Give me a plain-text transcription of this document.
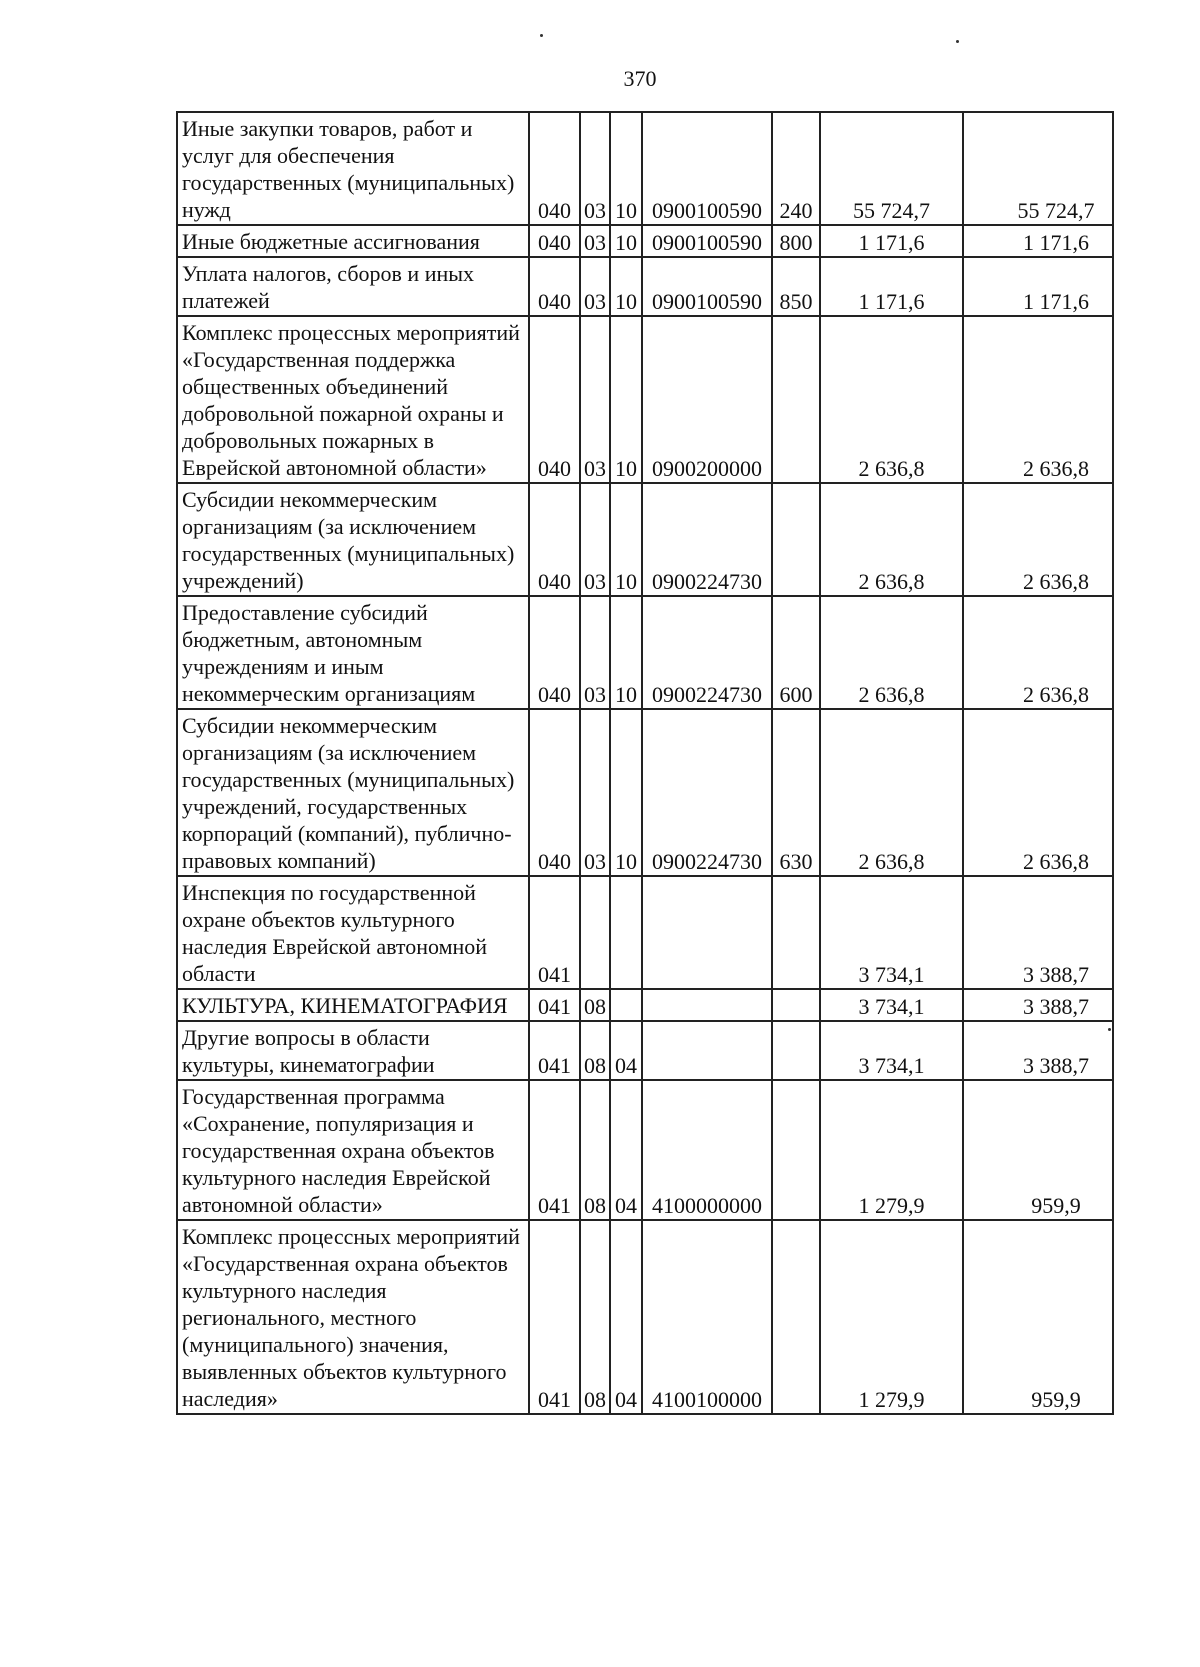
370
Иные закупки товаров, работ и услуг для обеспечения государственных (муниципальных) нужд	040	03	10	0900100590	240	55 724,7	55 724,7
Иные бюджетные ассигнования	040	03	10	0900100590	800	1 171,6	1 171,6
Уплата налогов, сборов и иных платежей	040	03	10	0900100590	850	1 171,6	1 171,6
Комплекс процессных мероприятий «Государственная поддержка общественных объединений добровольной пожарной охраны и добровольных пожарных в Еврейской автономной области»	040	03	10	0900200000		2 636,8	2 636,8
Субсидии некоммерческим организациям (за исключением государственных (муниципальных) учреждений)	040	03	10	0900224730		2 636,8	2 636,8
Предоставление субсидий бюджетным, автономным учреждениям и иным некоммерческим организациям	040	03	10	0900224730	600	2 636,8	2 636,8
Субсидии некоммерческим организациям (за исключением государственных (муниципальных) учреждений, государственных корпораций (компаний), публично-правовых компаний)	040	03	10	0900224730	630	2 636,8	2 636,8
Инспекция по государственной охране объектов культурного наследия Еврейской автономной области	041					3 734,1	3 388,7
КУЛЬТУРА, КИНЕМАТОГРАФИЯ	041	08				3 734,1	3 388,7
Другие вопросы в области культуры, кинематографии	041	08	04			3 734,1	3 388,7
Государственная программа «Сохранение, популяризация и государственная охрана объектов культурного наследия Еврейской автономной области»	041	08	04	4100000000		1 279,9	959,9
Комплекс процессных мероприятий «Государственная охрана объектов культурного наследия регионального, местного (муниципального) значения, выявленных объектов культурного наследия»	041	08	04	4100100000		1 279,9	959,9
